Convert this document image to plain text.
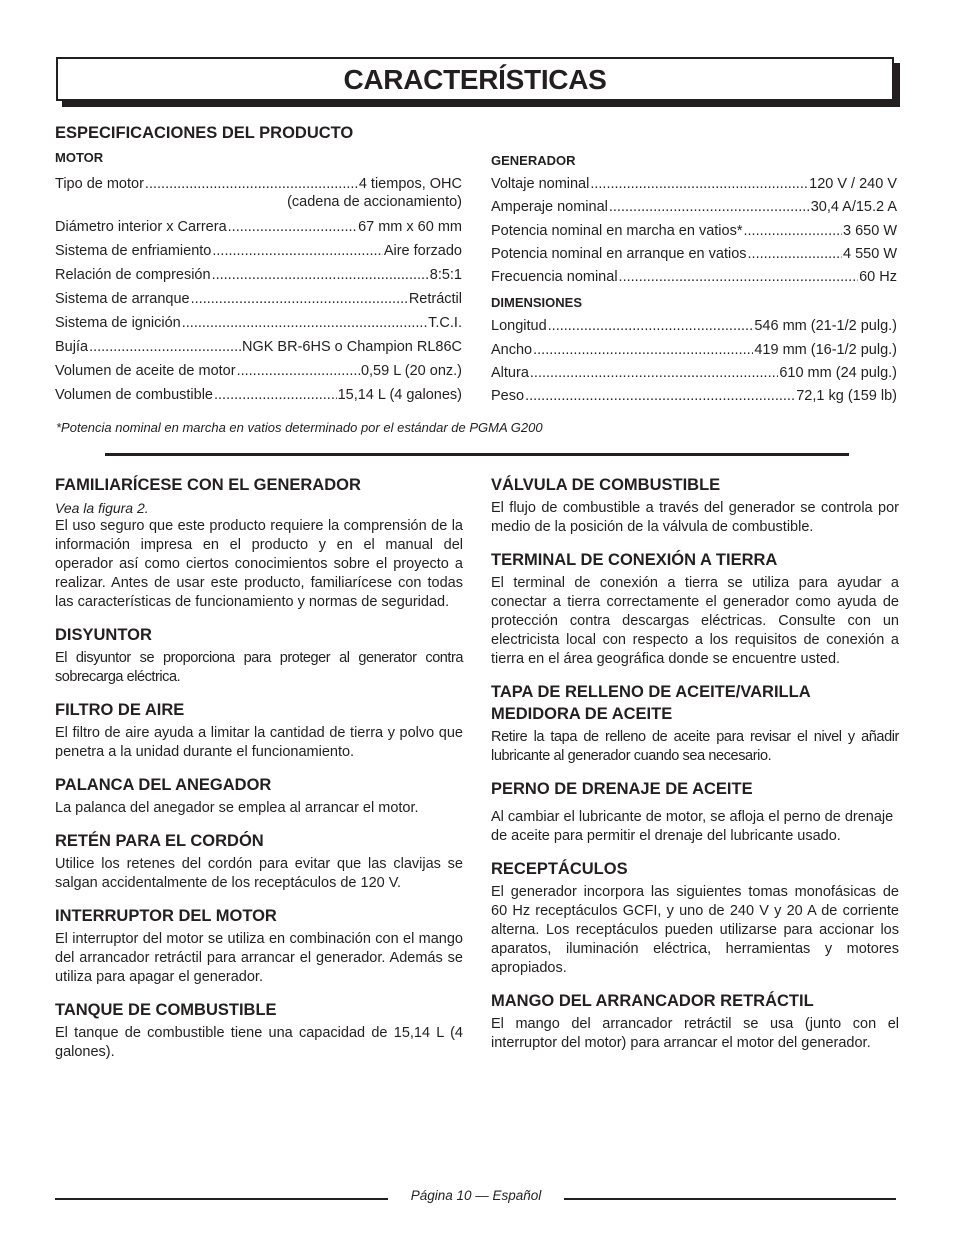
CARACTERÍSTICAS
ESPECIFICACIONES DEL PRODUCTO
MOTOR
Tipo de motor .....	4 tiempos, OHC
(cadena de accionamiento)
Diámetro interior x Carrera .....	67 mm x 60 mm
Sistema de enfriamiento .....	Aire forzado
Relación de compresión .....	8:5:1
Sistema de arranque .....	Retráctil
Sistema de ignición .....	T.C.I.
Bujía .....	NGK BR-6HS o Champion RL86C
Volumen de aceite de motor .....	0,59 L (20 onz.)
Volumen de combustible .....	15,14 L (4 galones)
GENERADOR
Voltaje nominal .....	120 V / 240 V
Amperaje nominal .....	30,4 A/15.2 A
Potencia nominal en marcha en vatios* .....	3 650 W
Potencia nominal en arranque en vatios .....	4 550 W
Frecuencia nominal .....	60 Hz
DIMENSIONES
Longitud .....	546 mm (21-1/2 pulg.)
Ancho .....	419 mm (16-1/2 pulg.)
Altura .....	610 mm (24 pulg.)
Peso .....	72,1 kg (159 lb)
*Potencia nominal en marcha en vatios determinado por el estándar de PGMA G200
FAMILIARÍCESE CON EL GENERADOR
Vea la figura 2.

El uso seguro que este producto requiere la comprensión de la información impresa en el producto y en el manual del operador así como ciertos conocimientos sobre el proyecto a realizar. Antes de usar este producto, familiarícese con todas las características de funcionamiento y normas de seguridad.

DISYUNTOR

El disyuntor se proporciona para proteger al generator contra sobrecarga eléctrica.

FILTRO DE AIRE

El filtro de aire ayuda a limitar la cantidad de tierra y polvo que penetra a la unidad durante el funcionamiento.

PALANCA DEL ANEGADOR

La palanca del anegador se emplea al arrancar el motor.

RETÉN PARA EL CORDÓN

Utilice los retenes del cordón para evitar que las clavijas se salgan accidentalmente de los receptáculos de 120 V.

INTERRUPTOR DEL MOTOR

El interruptor del motor se utiliza en combinación con el mango del arrancador retráctil para arrancar el generador. Además se utiliza para apagar el generador.

TANQUE DE COMBUSTIBLE

El tanque de combustible tiene una capacidad de 15,14 L (4 galones).

VÁLVULA DE COMBUSTIBLE

El flujo de combustible a través del generador se controla por medio de la posición de la válvula de combustible.

TERMINAL DE CONEXIÓN A TIERRA

El terminal de conexión a tierra se utiliza para ayudar a conectar a tierra correctamente el generador como ayuda de protección contra descargas eléctricas. Consulte con un electricista local con respecto a los requisitos de conexión a tierra en el área geográfica donde se encuentre usted.

TAPA DE RELLENO DE ACEITE/VARILLA MEDIDORA DE ACEITE

Retire la tapa de relleno de aceite para revisar el nivel y añadir lubricante al generador cuando sea necesario.

PERNO DE DRENAJE DE ACEITE

Al cambiar el lubricante de motor, se afloja el perno de drenaje de aceite para permitir el drenaje del lubricante usado.

RECEPTÁCULOS

El generador incorpora las siguientes tomas monofásicas de 60 Hz receptáculos GCFI, y uno de 240 V y 20 A de corriente alterna. Los receptáculos pueden utilizarse para accionar los aparatos, iluminación eléctrica, herramientas y motores apropiados.

MANGO DEL ARRANCADOR RETRÁCTIL

El mango del arrancador retráctil se usa (junto con el interruptor del motor) para arrancar el motor del generador.

Página 10 — Español
